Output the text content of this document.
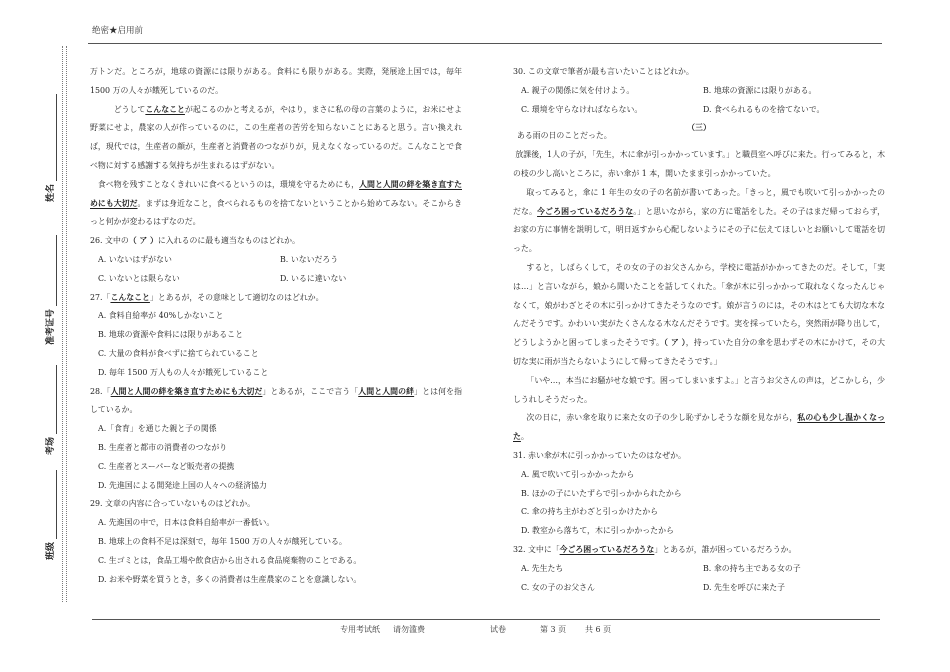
绝密★启用前
姓名
准考证号
考场
班级

万トンだ。ところが，地球の資源には限りがある。食料にも限りがある。実際，発展途上国では，毎年 1500 万の人々が餓死しているのだ。

どうしてこんなことが起こるのかと考えるが，やはり，まさに私の母の言葉のように，お米にせよ野菜にせよ，農家の人が作っているのに，この生産者の苦労を知らないことにあると思う。言い換えれば，現代では，生産者の顔が，生産者と消費者のつながりが，見えなくなっているのだ。こんなことで食べ物に対する感謝する気持ちが生まれるはずがない。

食べ物を残すことなくきれいに食べるというのは，環境を守るためにも，人間と人間の絆を築き直すためにも大切だ。まずは身近なこと，食べられるものを捨てないということから始めてみない。そこからきっと何かが変わるはずなのだ。

26. 文中の（ ア ）に入れるのに最も適当なものはどれか。

A. いないはずがない	B. いないだろう
C. いないとは限らない	D. いるに違いない

27.「こんなこと」とあるが，その意味として適切なのはどれか。

A. 食料自給率が 40%しかないこと
B. 地球の資源や食料には限りがあること
C. 大量の食料が食べずに捨てられていること
D. 毎年 1500 万人もの人々が餓死していること

28.「人間と人間の絆を築き直すためにも大切だ」とあるが，ここで言う「人間と人間の絆」とは何を指しているか。

A.「食育」を通じた親と子の関係
B. 生産者と都市の消費者のつながり
C. 生産者とスーパーなど販売者の提携
D. 先進国による開発途上国の人々への経済協力

29. 文章の内容に合っていないものはどれか。

A. 先進国の中で，日本は食料自給率が一番低い。
B. 地球上の食料不足は深刻で，毎年 1500 万の人々が餓死している。
C. 生ゴミとは，食品工場や飲食店から出される食品廃棄物のことである。
D. お米や野菜を買うとき，多くの消費者は生産農家のことを意識しない。

30. この文章で筆者が最も言いたいことはどれか。

A. 親子の関係に気を付けよう。	B. 地球の資源には限りがある。
C. 環境を守らなければならない。	D. 食べられるものを捨てないで。
（三）

ある雨の日のことだった。

放課後，1人の子が，「先生，木に傘が引っかかっています。」と職員室へ呼びに来た。行ってみると，木の枝の少し高いところに，赤い傘が 1 本，開いたまま引っかかっていた。

取ってみると，傘に 1 年生の女の子の名前が書いてあった。「きっと，風でも吹いて引っかかったのだな。今ごろ困っているだろうな。」と思いながら，家の方に電話をした。その子はまだ帰っておらず，お家の方に事情を説明して，明日返すから心配しないようにその子に伝えてほしいとお願いして電話を切った。

すると，しばらくして，その女の子のお父さんから，学校に電話がかかってきたのだ。そして，「実は…」と言いながら，娘から聞いたことを話してくれた。「傘が木に引っかかって取れなくなったんじゃなくて，娘がわざとその木に引っかけてきたそうなのです。娘が言うのには，その木はとても大切な木なんだそうです。かわいい実がたくさんなる木なんだそうです。実を採っていたら，突然雨が降り出して，どうしようかと困ってしまったそうです。（ ア ），持っていた自分の傘を思わずその木にかけて，その大切な実に雨が当たらないようにして帰ってきたそうです。」

「いや…，本当にお騒がせな娘です。困ってしまいますよ。」と言うお父さんの声は，どこかしら，少しうれしそうだった。

次の日に，赤い傘を取りに来た女の子の少し恥ずかしそうな顔を見ながら，私の心も少し温かくなった。

31. 赤い傘が木に引っかかっていたのはなぜか。

A. 風で吹いて引っかかったから
B. ほかの子にいたずらで引っかかられたから
C. 傘の持ち主がわざと引っかけたから
D. 教室から落ちて，木に引っかかったから

32. 文中に「今ごろ困っているだろうな」とあるが，誰が困っているだろうか。

A. 先生たち	B. 傘の持ち主である女の子
C. 女の子のお父さん	D. 先生を呼びに来た子
专用考试纸 请勿滥费	试卷	第 3 页 共 6 页
